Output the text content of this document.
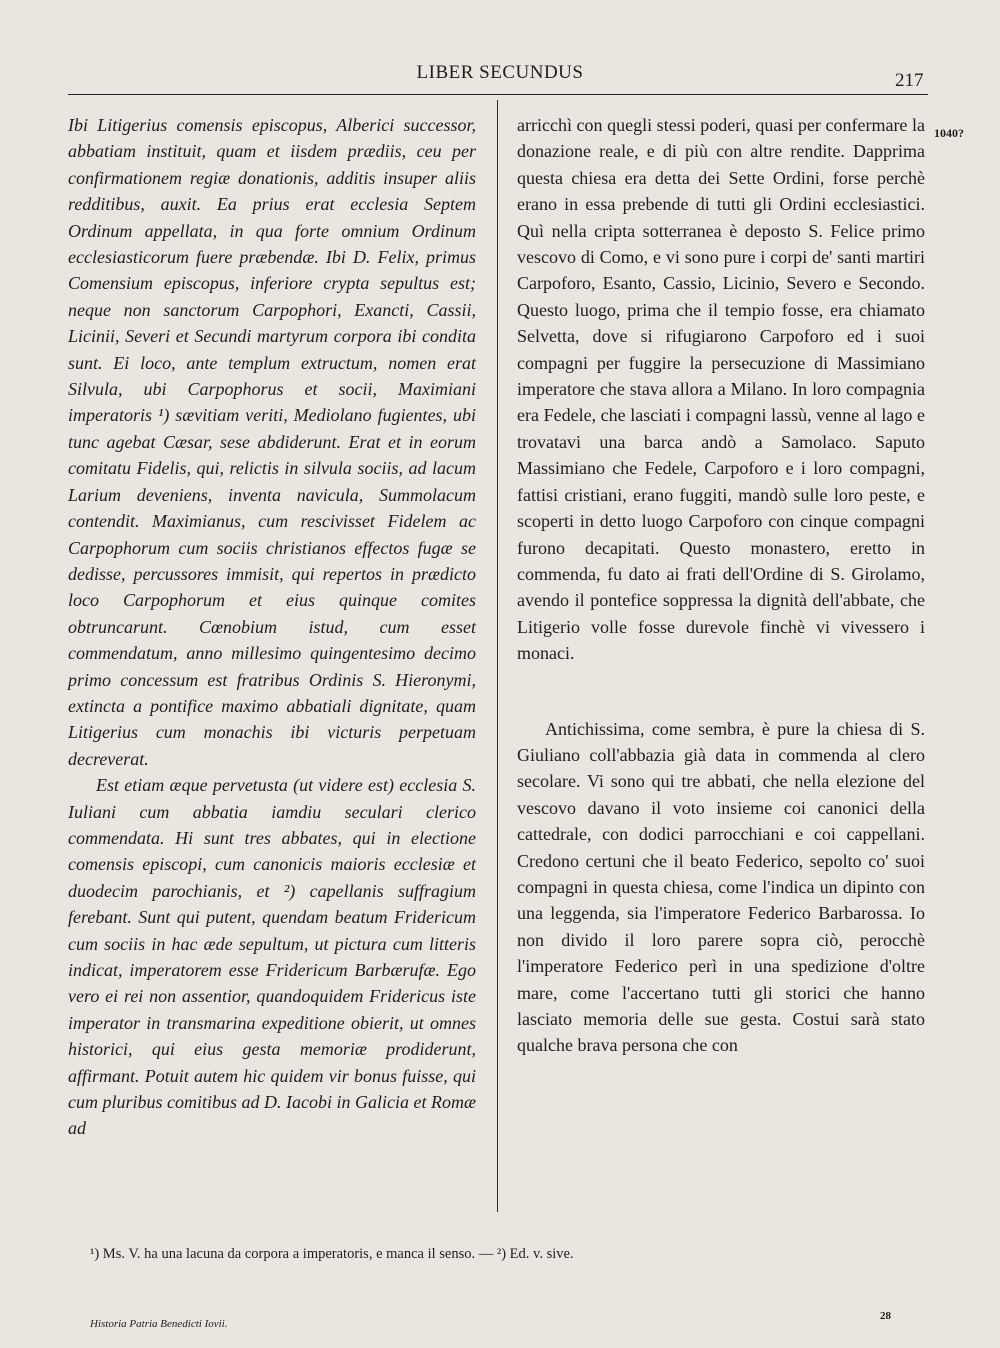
LIBER SECUNDUS	217

Ibi Litigerius comensis episcopus, Alberici successor, abbatiam instituit, quam et iisdem prædiis, ceu per confirmationem regiæ donationis, additis insuper aliis redditibus, auxit. Ea prius erat ecclesia Septem Ordinum appellata, in qua forte omnium Ordinum ecclesiasticorum fuere præbendæ. Ibi D. Felix, primus Comensium episcopus, inferiore crypta sepultus est; neque non sanctorum Carpophori, Exancti, Cassii, Licinii, Severi et Secundi martyrum corpora ibi condita sunt. Ei loco, ante templum extructum, nomen erat Silvula, ubi Carpophorus et socii, Maximiani imperatoris ¹) sævitiam veriti, Mediolano fugientes, ubi tunc agebat Cæsar, sese abdiderunt. Erat et in eorum comitatu Fidelis, qui, relictis in silvula sociis, ad lacum Larium deveniens, inventa navicula, Summolacum contendit. Maximianus, cum rescivisset Fidelem ac Carpophorum cum sociis christianos effectos fugæ se dedisse, percussores immisit, qui repertos in prædicto loco Carpophorum et eius quinque comites obtruncarunt. Cœnobium istud, cum esset commendatum, anno millesimo quingentesimo decimo primo concessum est fratribus Ordinis S. Hieronymi, extincta a pontifice maximo abbatiali dignitate, quam Litigerius cum monachis ibi victuris perpetuam decreverat.

Est etiam æque pervetusta (ut videre est) ecclesia S. Iuliani cum abbatia iamdiu seculari clerico commendata. Hi sunt tres abbates, qui in electione comensis episcopi, cum canonicis maioris ecclesiæ et duodecim parochianis, et ²) capellanis suffragium ferebant. Sunt qui putent, quendam beatum Fridericum cum sociis in hac æde sepultum, ut pictura cum litteris indicat, imperatorem esse Fridericum Barbærufæ. Ego vero ei rei non assentior, quandoquidem Fridericus iste imperator in transmarina expeditione obierit, ut omnes historici, qui eius gesta memoriæ prodiderunt, affirmant. Potuit autem hic quidem vir bonus fuisse, qui cum pluribus comitibus ad D. Iacobi in Galicia et Romæ ad

arricchì con quegli stessi poderi, quasi per confermare la donazione reale, e di più con altre rendite. Dapprima questa chiesa era detta dei Sette Ordini, forse perchè erano in essa prebende di tutti gli Ordini ecclesiastici. Quì nella cripta sotterranea è deposto S. Felice primo vescovo di Como, e vi sono pure i corpi de' santi martiri Carpoforo, Esanto, Cassio, Licinio, Severo e Secondo. Questo luogo, prima che il tempio fosse, era chiamato Selvetta, dove si rifugiarono Carpoforo ed i suoi compagni per fuggire la persecuzione di Massimiano imperatore che stava allora a Milano. In loro compagnia era Fedele, che lasciati i compagni lassù, venne al lago e trovatavi una barca andò a Samolaco. Saputo Massimiano che Fedele, Carpoforo e i loro compagni, fattisi cristiani, erano fuggiti, mandò sulle loro peste, e scoperti in detto luogo Carpoforo con cinque compagni furono decapitati. Questo monastero, eretto in commenda, fu dato ai frati dell'Ordine di S. Girolamo, avendo il pontefice soppressa la dignità dell'abbate, che Litigerio volle fosse durevole finchè vi vivessero i monaci.

Antichissima, come sembra, è pure la chiesa di S. Giuliano coll'abbazia già data in commenda al clero secolare. Vi sono qui tre abbati, che nella elezione del vescovo davano il voto insieme coi canonici della cattedrale, con dodici parrocchiani e coi cappellani. Credono certuni che il beato Federico, sepolto co' suoi compagni in questa chiesa, come l'indica un dipinto con una leggenda, sia l'imperatore Federico Barbarossa. Io non divido il loro parere sopra ciò, perocchè l'imperatore Federico perì in una spedizione d'oltre mare, come l'accertano tutti gli storici che hanno lasciato memoria delle sue gesta. Costui sarà stato qualche brava persona che con

1040?
¹) Ms. V. ha una lacuna da corpora a imperatoris, e manca il senso. — ²) Ed. v. sive.
Historia Patria Benedicti Iovii.
28
